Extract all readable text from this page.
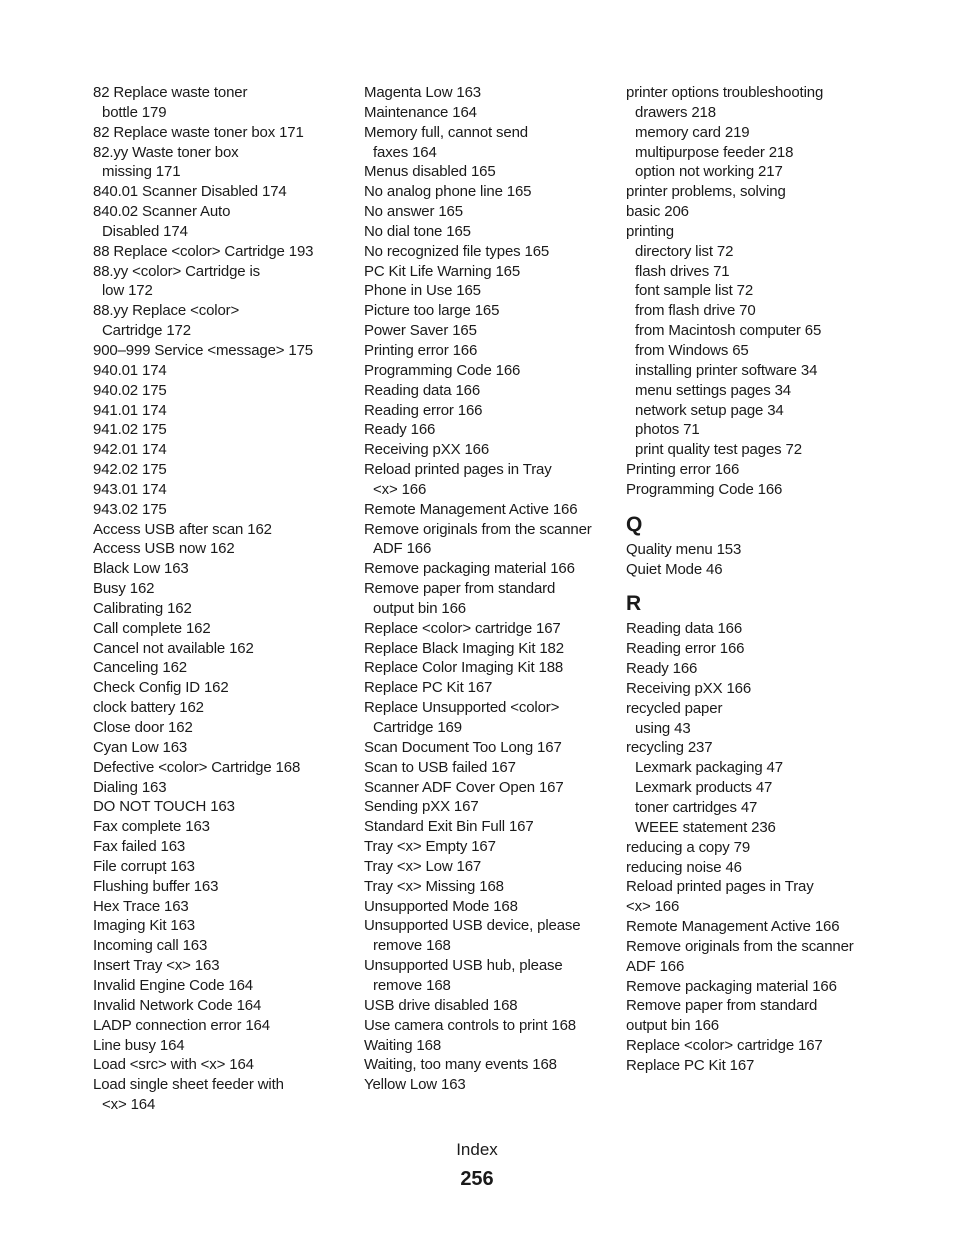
82 Replace waste toner
bottle 179
82 Replace waste toner box 171
82.yy Waste toner box
missing 171
840.01 Scanner Disabled 174
840.02 Scanner Auto
Disabled 174
88 Replace <color> Cartridge 193
88.yy <color> Cartridge is
low 172
88.yy Replace <color>
Cartridge 172
900–999 Service <message> 175
940.01 174
940.02 175
941.01 174
941.02 175
942.01 174
942.02 175
943.01 174
943.02 175
Access USB after scan 162
Access USB now 162
Black Low 163
Busy 162
Calibrating 162
Call complete 162
Cancel not available 162
Canceling 162
Check Config ID 162
clock battery 162
Close door 162
Cyan Low 163
Defective <color> Cartridge 168
Dialing 163
DO NOT TOUCH 163
Fax complete 163
Fax failed 163
File corrupt 163
Flushing buffer 163
Hex Trace 163
Imaging Kit 163
Incoming call 163
Insert Tray <x> 163
Invalid Engine Code 164
Invalid Network Code 164
LADP connection error 164
Line busy 164
Load <src> with <x> 164
Load single sheet feeder with
<x> 164
Magenta Low 163
Maintenance 164
Memory full, cannot send
faxes 164
Menus disabled 165
No analog phone line 165
No answer 165
No dial tone 165
No recognized file types 165
PC Kit Life Warning 165
Phone in Use 165
Picture too large 165
Power Saver 165
Printing error 166
Programming Code 166
Reading data 166
Reading error 166
Ready 166
Receiving pXX 166
Reload printed pages in Tray
<x> 166
Remote Management Active 166
Remove originals from the scanner
ADF 166
Remove packaging material 166
Remove paper from standard
output bin 166
Replace <color> cartridge 167
Replace Black Imaging Kit 182
Replace Color Imaging Kit 188
Replace PC Kit 167
Replace Unsupported <color>
Cartridge 169
Scan Document Too Long 167
Scan to USB failed 167
Scanner ADF Cover Open 167
Sending pXX 167
Standard Exit Bin Full 167
Tray <x> Empty 167
Tray <x> Low 167
Tray <x> Missing 168
Unsupported Mode 168
Unsupported USB device, please
remove 168
Unsupported USB hub, please
remove 168
USB drive disabled 168
Use camera controls to print 168
Waiting 168
Waiting, too many events 168
Yellow Low 163
printer options troubleshooting
drawers 218
memory card 219
multipurpose feeder 218
option not working 217
printer problems, solving
basic 206
printing
directory list 72
flash drives 71
font sample list 72
from flash drive 70
from Macintosh computer 65
from Windows 65
installing printer software 34
menu settings pages 34
network setup page 34
photos 71
print quality test pages 72
Printing error 166
Programming Code 166
Q
Quality menu 153
Quiet Mode 46
R
Reading data 166
Reading error 166
Ready 166
Receiving pXX 166
recycled paper
using 43
recycling 237
Lexmark packaging 47
Lexmark products 47
toner cartridges 47
WEEE statement 236
reducing a copy 79
reducing noise 46
Reload printed pages in Tray
<x> 166
Remote Management Active 166
Remove originals from the scanner
ADF 166
Remove packaging material 166
Remove paper from standard
output bin 166
Replace <color> cartridge 167
Replace PC Kit 167
Index
256
